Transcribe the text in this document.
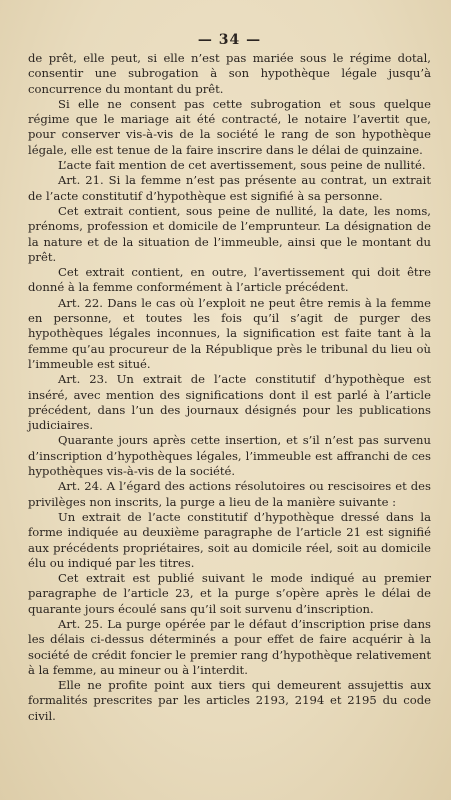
— 34 —

de prêt, elle peut, si elle n’est pas mariée sous le régime dotal, consentir une subrogation à son hypothèque légale jusqu’à concurrence du montant du prêt.

Si elle ne consent pas cette subrogation et sous quelque régime que le mariage ait été contracté, le notaire l’avertit que, pour conserver vis-à-vis de la société le rang de son hypothèque légale, elle est tenue de la faire inscrire dans le délai de quinzaine.

L’acte fait mention de cet avertissement, sous peine de nullité.

Art. 21. Si la femme n’est pas présente au contrat, un extrait de l’acte constitutif d’hypothèque est signifié à sa personne.

Cet extrait contient, sous peine de nullité, la date, les noms, prénoms, profession et domicile de l’emprunteur. La désignation de la nature et de la situation de l’immeuble, ainsi que le montant du prêt.

Cet extrait contient, en outre, l’avertissement qui doit être donné à la femme conformément à l’article précédent.

Art. 22. Dans le cas où l’exploit ne peut être remis à la femme en personne, et toutes les fois qu’il s’agit de purger des hypothèques légales inconnues, la signification est faite tant à la femme qu’au procureur de la République près le tribunal du lieu où l’immeuble est situé.

Art. 23. Un extrait de l’acte constitutif d’hypothèque est inséré, avec mention des significations dont il est parlé à l’article précédent, dans l’un des journaux désignés pour les publications judiciaires.

Quarante jours après cette insertion, et s’il n’est pas survenu d’inscription d’hypothèques légales, l’immeuble est affranchi de ces hypothèques vis-à-vis de la société.

Art. 24. A l’égard des actions résolutoires ou rescisoires et des privilèges non inscrits, la purge a lieu de la manière suivante :

Un extrait de l’acte constitutif d’hypothèque dressé dans la forme indiquée au deuxième paragraphe de l’article 21 est signifié aux précédents propriétaires, soit au domicile réel, soit au domicile élu ou indiqué par les titres.

Cet extrait est publié suivant le mode indiqué au premier paragraphe de l’article 23, et la purge s’opère après le délai de quarante jours écoulé sans qu’il soit survenu d’inscription.

Art. 25. La purge opérée par le défaut d’inscription prise dans les délais ci-dessus déterminés a pour effet de faire acquérir à la société de crédit foncier le premier rang d’hypothèque relativement à la femme, au mineur ou à l’interdit.

Elle ne profite point aux tiers qui demeurent assujettis aux formalités prescrites par les articles 2193, 2194 et 2195 du code civil.
